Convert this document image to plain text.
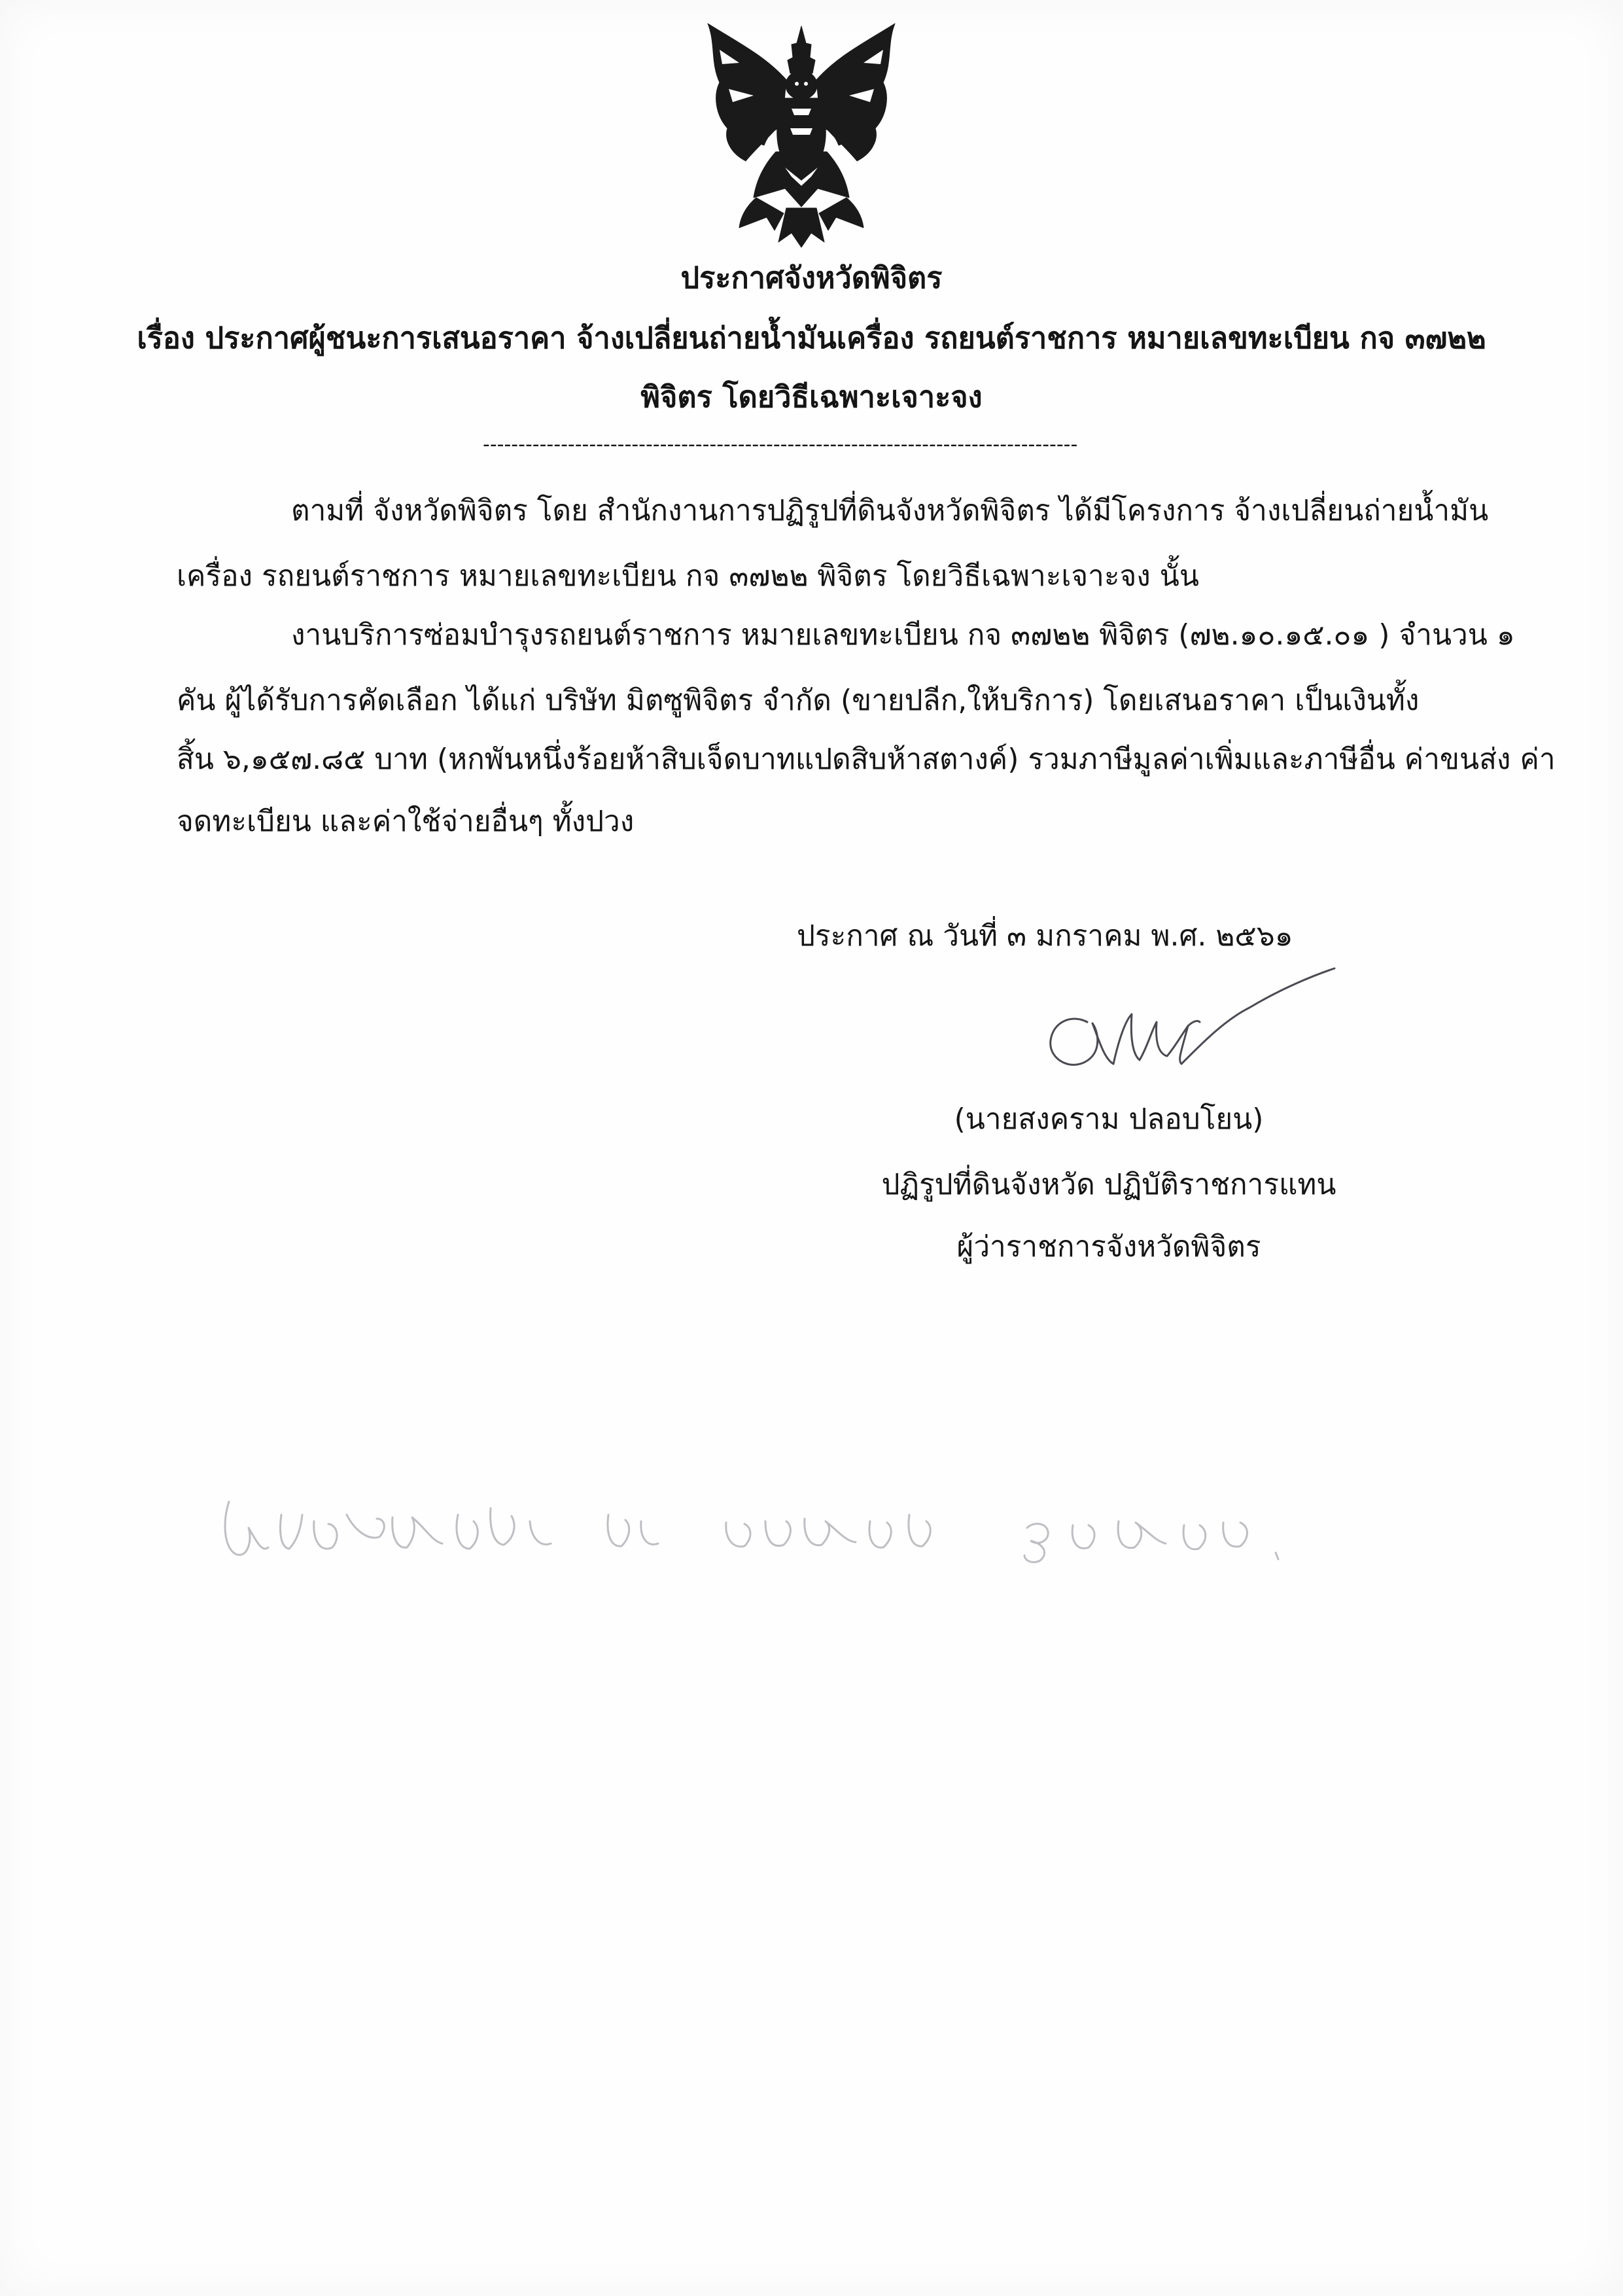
ประกาศจังหวัดพิจิตร
เรื่อง ประกาศผู้ชนะการเสนอราคา จ้างเปลี่ยนถ่ายน้ำมันเครื่อง รถยนต์ราชการ หมายเลขทะเบียน กจ ๓๗๒๒
พิจิตร โดยวิธีเฉพาะเจาะจง
------------------------------------------------------------------------------------
ตามที่ จังหวัดพิจิตร โดย สำนักงานการปฏิรูปที่ดินจังหวัดพิจิตร ได้มีโครงการ จ้างเปลี่ยนถ่ายน้ำมัน
เครื่อง รถยนต์ราชการ หมายเลขทะเบียน กจ ๓๗๒๒ พิจิตร โดยวิธีเฉพาะเจาะจง นั้น
งานบริการซ่อมบำรุงรถยนต์ราชการ หมายเลขทะเบียน กจ ๓๗๒๒ พิจิตร (๗๒.๑๐.๑๕.๐๑ ) จำนวน ๑
คัน ผู้ได้รับการคัดเลือก ได้แก่ บริษัท มิตซูพิจิตร จำกัด (ขายปลีก,ให้บริการ) โดยเสนอราคา เป็นเงินทั้ง
สิ้น ๖,๑๕๗.๘๕ บาท (หกพันหนึ่งร้อยห้าสิบเจ็ดบาทแปดสิบห้าสตางค์) รวมภาษีมูลค่าเพิ่มและภาษีอื่น ค่าขนส่ง ค่า
จดทะเบียน และค่าใช้จ่ายอื่นๆ ทั้งปวง
ประกาศ ณ วันที่ ๓ มกราคม พ.ศ. ๒๕๖๑
(นายสงคราม ปลอบโยน)
ปฏิรูปที่ดินจังหวัด ปฏิบัติราชการแทน
ผู้ว่าราชการจังหวัดพิจิตร
